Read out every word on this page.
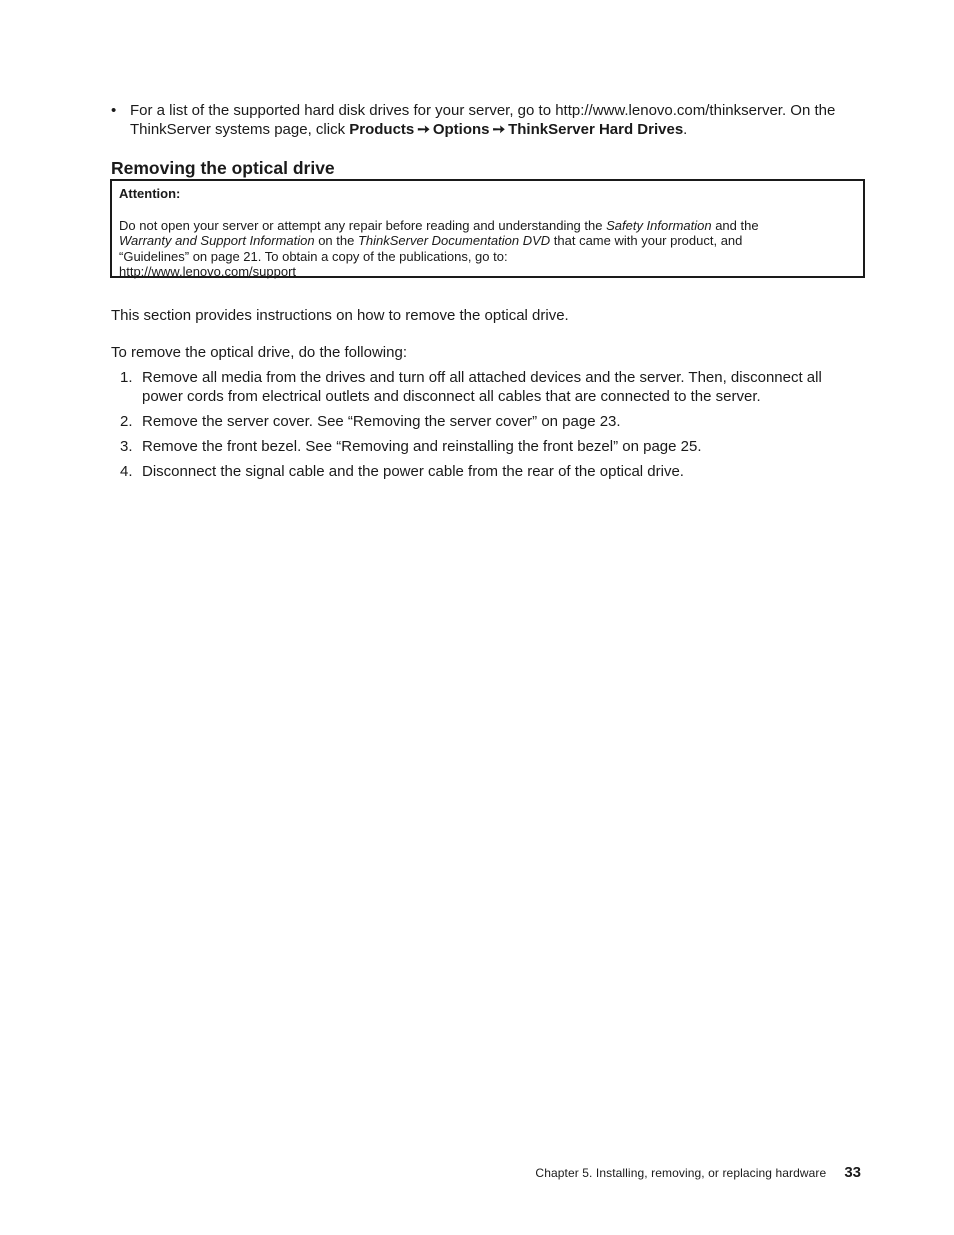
• For a list of the supported hard disk drives for your server, go to http://www.lenovo.com/thinkserver. On the ThinkServer systems page, click Products ➙ Options ➙ ThinkServer Hard Drives.
Removing the optical drive

Attention:

Do not open your server or attempt any repair before reading and understanding the Safety Information and the

Warranty and Support Information on the ThinkServer Documentation DVD that came with your product, and

“Guidelines” on page 21. To obtain a copy of the publications, go to:

http://www.lenovo.com/support

This section provides instructions on how to remove the optical drive.

To remove the optical drive, do the following:

1. Remove all media from the drives and turn off all attached devices and the server. Then, disconnect all power cords from electrical outlets and disconnect all cables that are connected to the server.
2. Remove the server cover. See “Removing the server cover” on page 23.
3. Remove the front bezel. See “Removing and reinstalling the front bezel” on page 25.
4. Disconnect the signal cable and the power cable from the rear of the optical drive.
Chapter 5. Installing, removing, or replacing hardware 33
